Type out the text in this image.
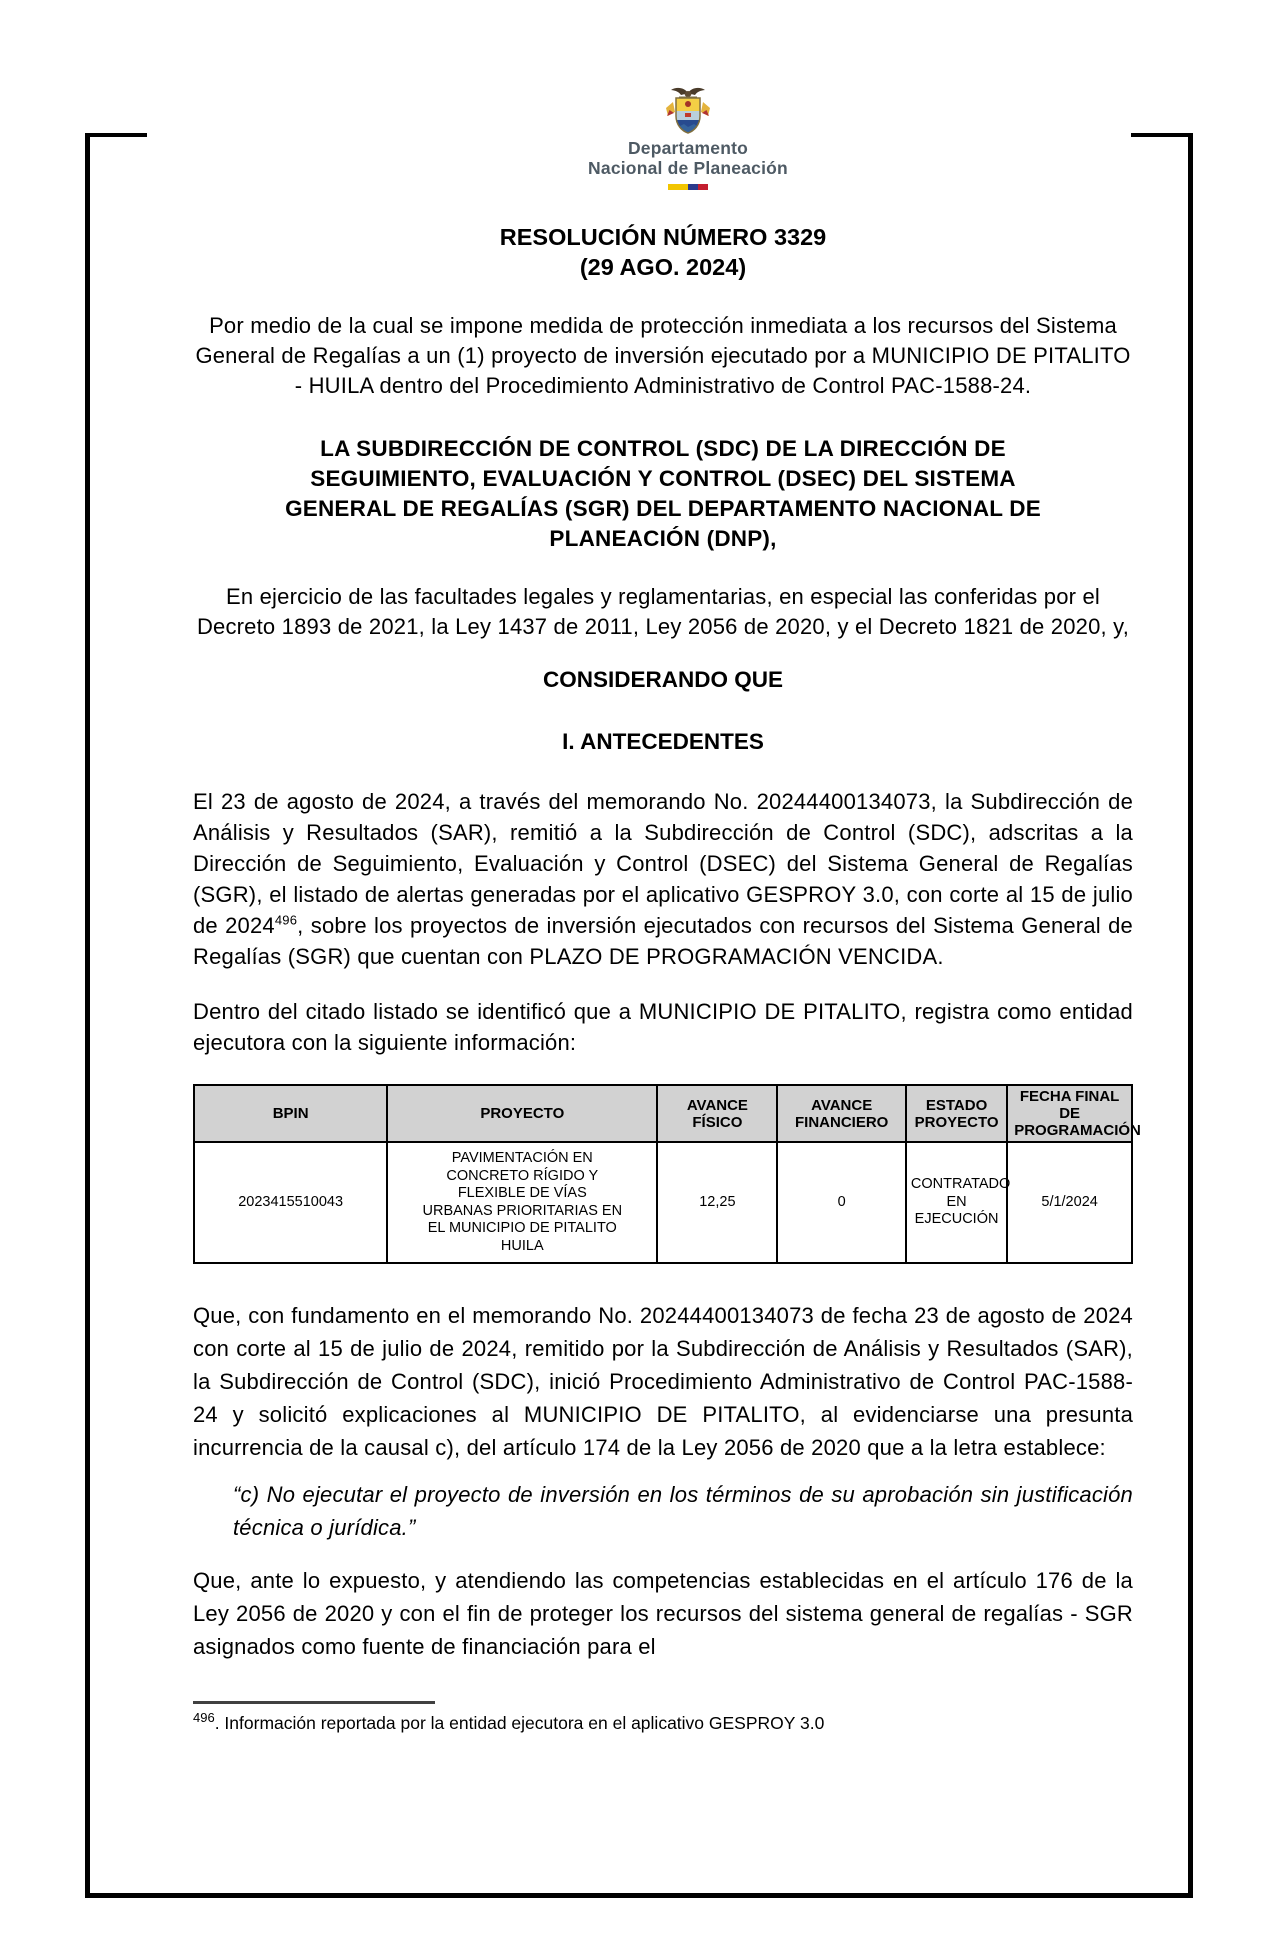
Departamento
Nacional de Planeación
RESOLUCIÓN NÚMERO 3329
(29 AGO. 2024)

Por medio de la cual se impone medida de protección inmediata a los recursos del Sistema General de Regalías a un (1) proyecto de inversión ejecutado por a MUNICIPIO DE PITALITO - HUILA dentro del Procedimiento Administrativo de Control PAC-1588-24.

LA SUBDIRECCIÓN DE CONTROL (SDC) DE LA DIRECCIÓN DE
SEGUIMIENTO, EVALUACIÓN Y CONTROL (DSEC) DEL SISTEMA
GENERAL DE REGALÍAS (SGR) DEL DEPARTAMENTO NACIONAL DE
PLANEACIÓN (DNP),

En ejercicio de las facultades legales y reglamentarias, en especial las conferidas por el Decreto 1893 de 2021, la Ley 1437 de 2011, Ley 2056 de 2020, y el Decreto 1821 de 2020, y,

CONSIDERANDO QUE
I. ANTECEDENTES

El 23 de agosto de 2024, a través del memorando No. 20244400134073, la Subdirección de Análisis y Resultados (SAR), remitió a la Subdirección de Control (SDC), adscritas a la Dirección de Seguimiento, Evaluación y Control (DSEC) del Sistema General de Regalías (SGR), el listado de alertas generadas por el aplicativo GESPROY 3.0, con corte al 15 de julio de 2024$^{496}$, sobre los proyectos de inversión ejecutados con recursos del Sistema General de Regalías (SGR) que cuentan con PLAZO DE PROGRAMACIÓN VENCIDA.

Dentro del citado listado se identificó que a MUNICIPIO DE PITALITO, registra como entidad ejecutora con la siguiente información:

BPIN	PROYECTO	AVANCE FÍSICO	AVANCE FINANCIERO	ESTADO PROYECTO	FECHA FINAL DE PROGRAMACIÓN
2023415510043	PAVIMENTACIÓN EN CONCRETO RÍGIDO Y FLEXIBLE DE VÍAS URBANAS PRIORITARIAS EN EL MUNICIPIO DE PITALITO HUILA	12,25	0	CONTRATADO EN EJECUCIÓN	5/1/2024

Que, con fundamento en el memorando No. 20244400134073 de fecha 23 de agosto de 2024 con corte al 15 de julio de 2024, remitido por la Subdirección de Análisis y Resultados (SAR), la Subdirección de Control (SDC), inició Procedimiento Administrativo de Control PAC-1588-24 y solicitó explicaciones al MUNICIPIO DE PITALITO, al evidenciarse una presunta incurrencia de la causal c), del artículo 174 de la Ley 2056 de 2020 que a la letra establece:

“c) No ejecutar el proyecto de inversión en los términos de su aprobación sin justificación técnica o jurídica.”

Que, ante lo expuesto, y atendiendo las competencias establecidas en el artículo 176 de la Ley 2056 de 2020 y con el fin de proteger los recursos del sistema general de regalías - SGR asignados como fuente de financiación para el

$^{496}$. Información reportada por la entidad ejecutora en el aplicativo GESPROY 3.0
